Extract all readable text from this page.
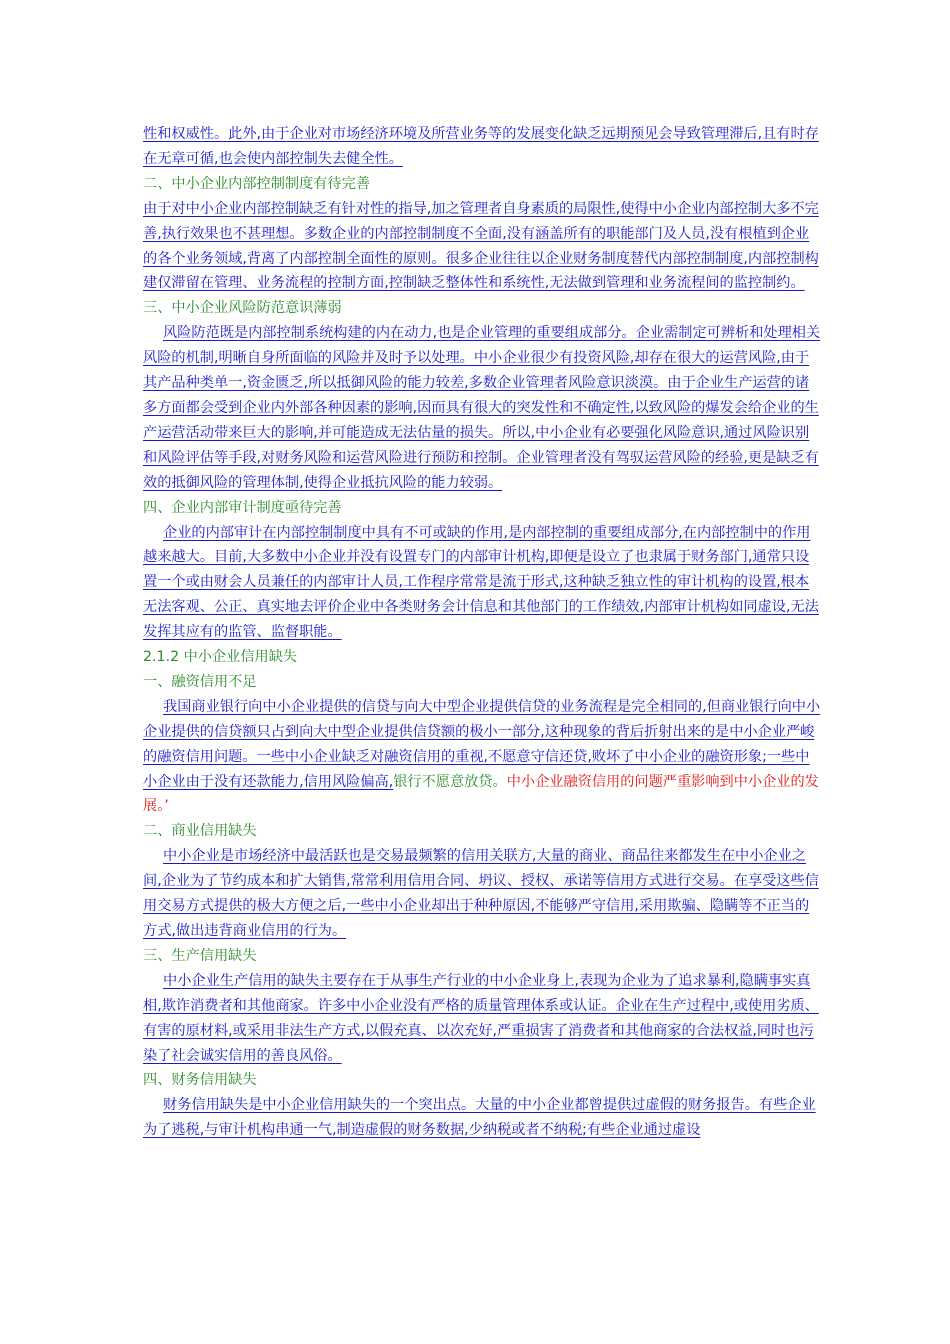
性和权威性。此外,由于企业对市场经济环境及所营业务等的发展变化缺乏远期预见会导致管理滞后,且有时存在无章可循,也会使内部控制失去健全性。

二、中小企业内部控制制度有待完善

由于对中小企业内部控制缺乏有针对性的指导,加之管理者自身素质的局限性,使得中小企业内部控制大多不完善,执行效果也不甚理想。多数企业的内部控制制度不全面,没有涵盖所有的职能部门及人员,没有根植到企业的各个业务领域,背离了内部控制全面性的原则。很多企业往往以企业财务制度替代内部控制制度,内部控制构建仅滞留在管理、业务流程的控制方面,控制缺乏整体性和系统性,无法做到管理和业务流程间的监控制约。

三、中小企业风险防范意识薄弱

风险防范既是内部控制系统构建的内在动力,也是企业管理的重要组成部分。企业需制定可辨析和处理相关风险的机制,明晰自身所面临的风险并及时予以处理。中小企业很少有投资风险,却存在很大的运营风险,由于其产品种类单一,资金匮乏,所以抵御风险的能力较差,多数企业管理者风险意识淡漠。由于企业生产运营的诸多方面都会受到企业内外部各种因素的影响,因而具有很大的突发性和不确定性,以致风险的爆发会给企业的生产运营活动带来巨大的影响,并可能造成无法估量的损失。所以,中小企业有必要强化风险意识,通过风险识别和风险评估等手段,对财务风险和运营风险进行预防和控制。企业管理者没有驾驭运营风险的经验,更是缺乏有效的抵御风险的管理体制,使得企业抵抗风险的能力较弱。

四、企业内部审计制度亟待完善

企业的内部审计在内部控制制度中具有不可或缺的作用,是内部控制的重要组成部分,在内部控制中的作用越来越大。目前,大多数中小企业并没有设置专门的内部审计机构,即便是设立了也隶属于财务部门,通常只设置一个或由财会人员兼任的内部审计人员,工作程序常常是流于形式,这种缺乏独立性的审计机构的设置,根本无法客观、公正、真实地去评价企业中各类财务会计信息和其他部门的工作绩效,内部审计机构如同虚设,无法发挥其应有的监管、监督职能。

2.1.2 中小企业信用缺失

一、融资信用不足

我国商业银行向中小企业提供的信贷与向大中型企业提供信贷的业务流程是完全相同的,但商业银行向中小企业提供的信贷额只占到向大中型企业提供信贷额的极小一部分,这种现象的背后折射出来的是中小企业严峻的融资信用问题。一些中小企业缺乏对融资信用的重视,不愿意守信还贷,败坏了中小企业的融资形象;一些中小企业由于没有还款能力,信用风险偏高,银行不愿意放贷。中小企业融资信用的问题严重影响到中小企业的发展。’

二、商业信用缺失

中小企业是市场经济中最活跃也是交易最频繁的信用关联方,大量的商业、商品往来都发生在中小企业之间,企业为了节约成本和扩大销售,常常利用信用合同、坍议、授权、承诺等信用方式进行交易。在享受这些信用交易方式提供的极大方便之后,一些中小企业却出于种种原因,不能够严守信用,采用欺骗、隐瞒等不正当的方式,做出违背商业信用的行为。

三、生产信用缺失

中小企业生产信用的缺失主要存在于从事生产行业的中小企业身上,表现为企业为了追求暴利,隐瞒事实真相,欺诈消费者和其他商家。许多中小企业没有严格的质量管理体系或认证。企业在生产过程中,或使用劣质、有害的原材料,或采用非法生产方式,以假充真、以次充好,严重损害了消费者和其他商家的合法权益,同时也污染了社会诚实信用的善良风俗。

四、财务信用缺失

财务信用缺失是中小企业信用缺失的一个突出点。大量的中小企业都曾提供过虚假的财务报告。有些企业为了逃税,与审计机构串通一气,制造虚假的财务数据,少纳税或者不纳税;有些企业通过虚设
